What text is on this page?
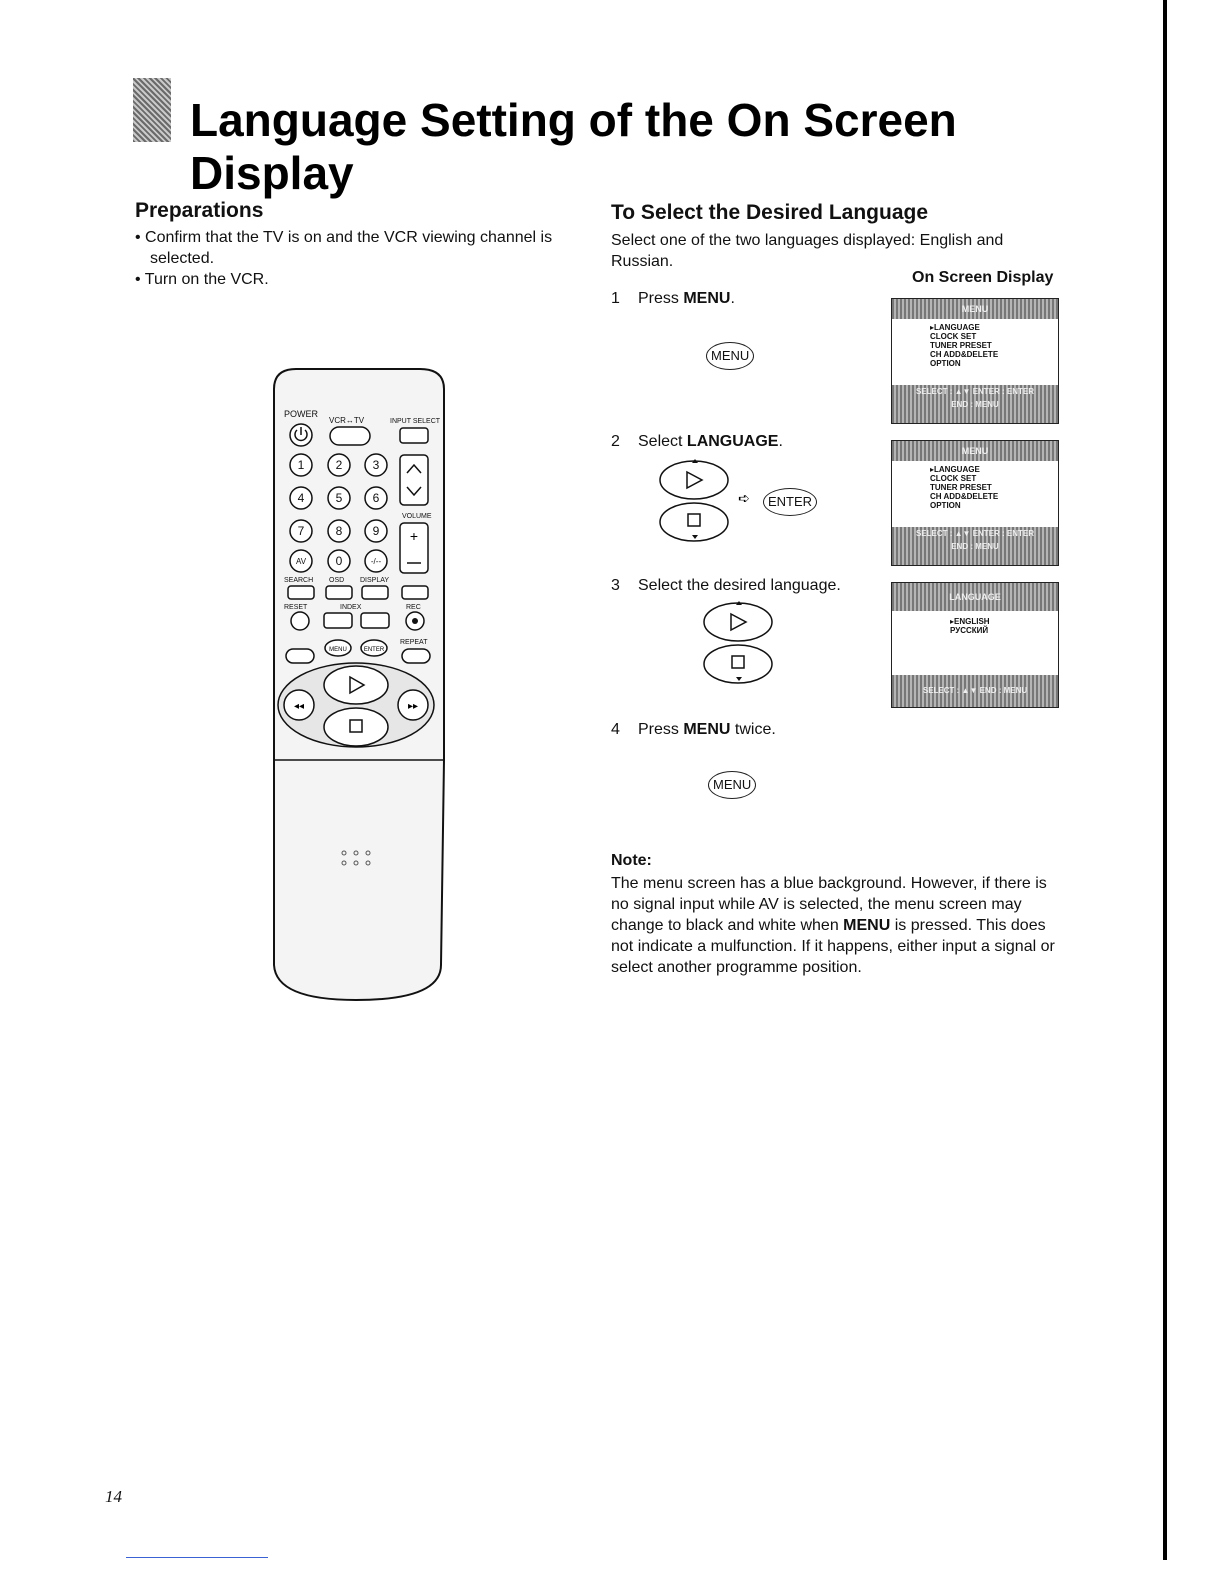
Language Setting of the On Screen
Display
Preparations

• Confirm that the TV is on and the VCR viewing channel is selected.

• Turn on the VCR.

POWER
VCR↔TV	INPUT SELECT
VOLUME
SEARCH OSD DISPLAY
RESET	INDEX	REC
REPEAT
1	2	3
4	5	6
7	8	9
AV 0	-/--
+
MENU	ENTER
◂◂	▸▸
To Select the Desired Language
Select one of the two languages displayed: English and Russian.
On Screen Display
1 Press MENU.
MENU
2 Select LANGUAGE.
➪	ENTER
3 Select the desired language.
4 Press MENU twice.
MENU
MENU
▸LANGUAGE
CLOCK SET
TUNER PRESET
CH ADD&DELETE
OPTION
SELECT : ▲▼ ENTER : ENTER
END : MENU
MENU
▸LANGUAGE
CLOCK SET
TUNER PRESET
CH ADD&DELETE
OPTION
SELECT : ▲▼ ENTER : ENTER
END : MENU
LANGUAGE
▸ENGLISH
РУССКИЙ
SELECT : ▲▼ END : MENU

Note:

The menu screen has a blue background. However, if there is no signal input while AV is selected, the menu screen may change to black and white when MENU is pressed. This does not indicate a mulfunction. If it happens, either input a signal or select another programme position.

14
